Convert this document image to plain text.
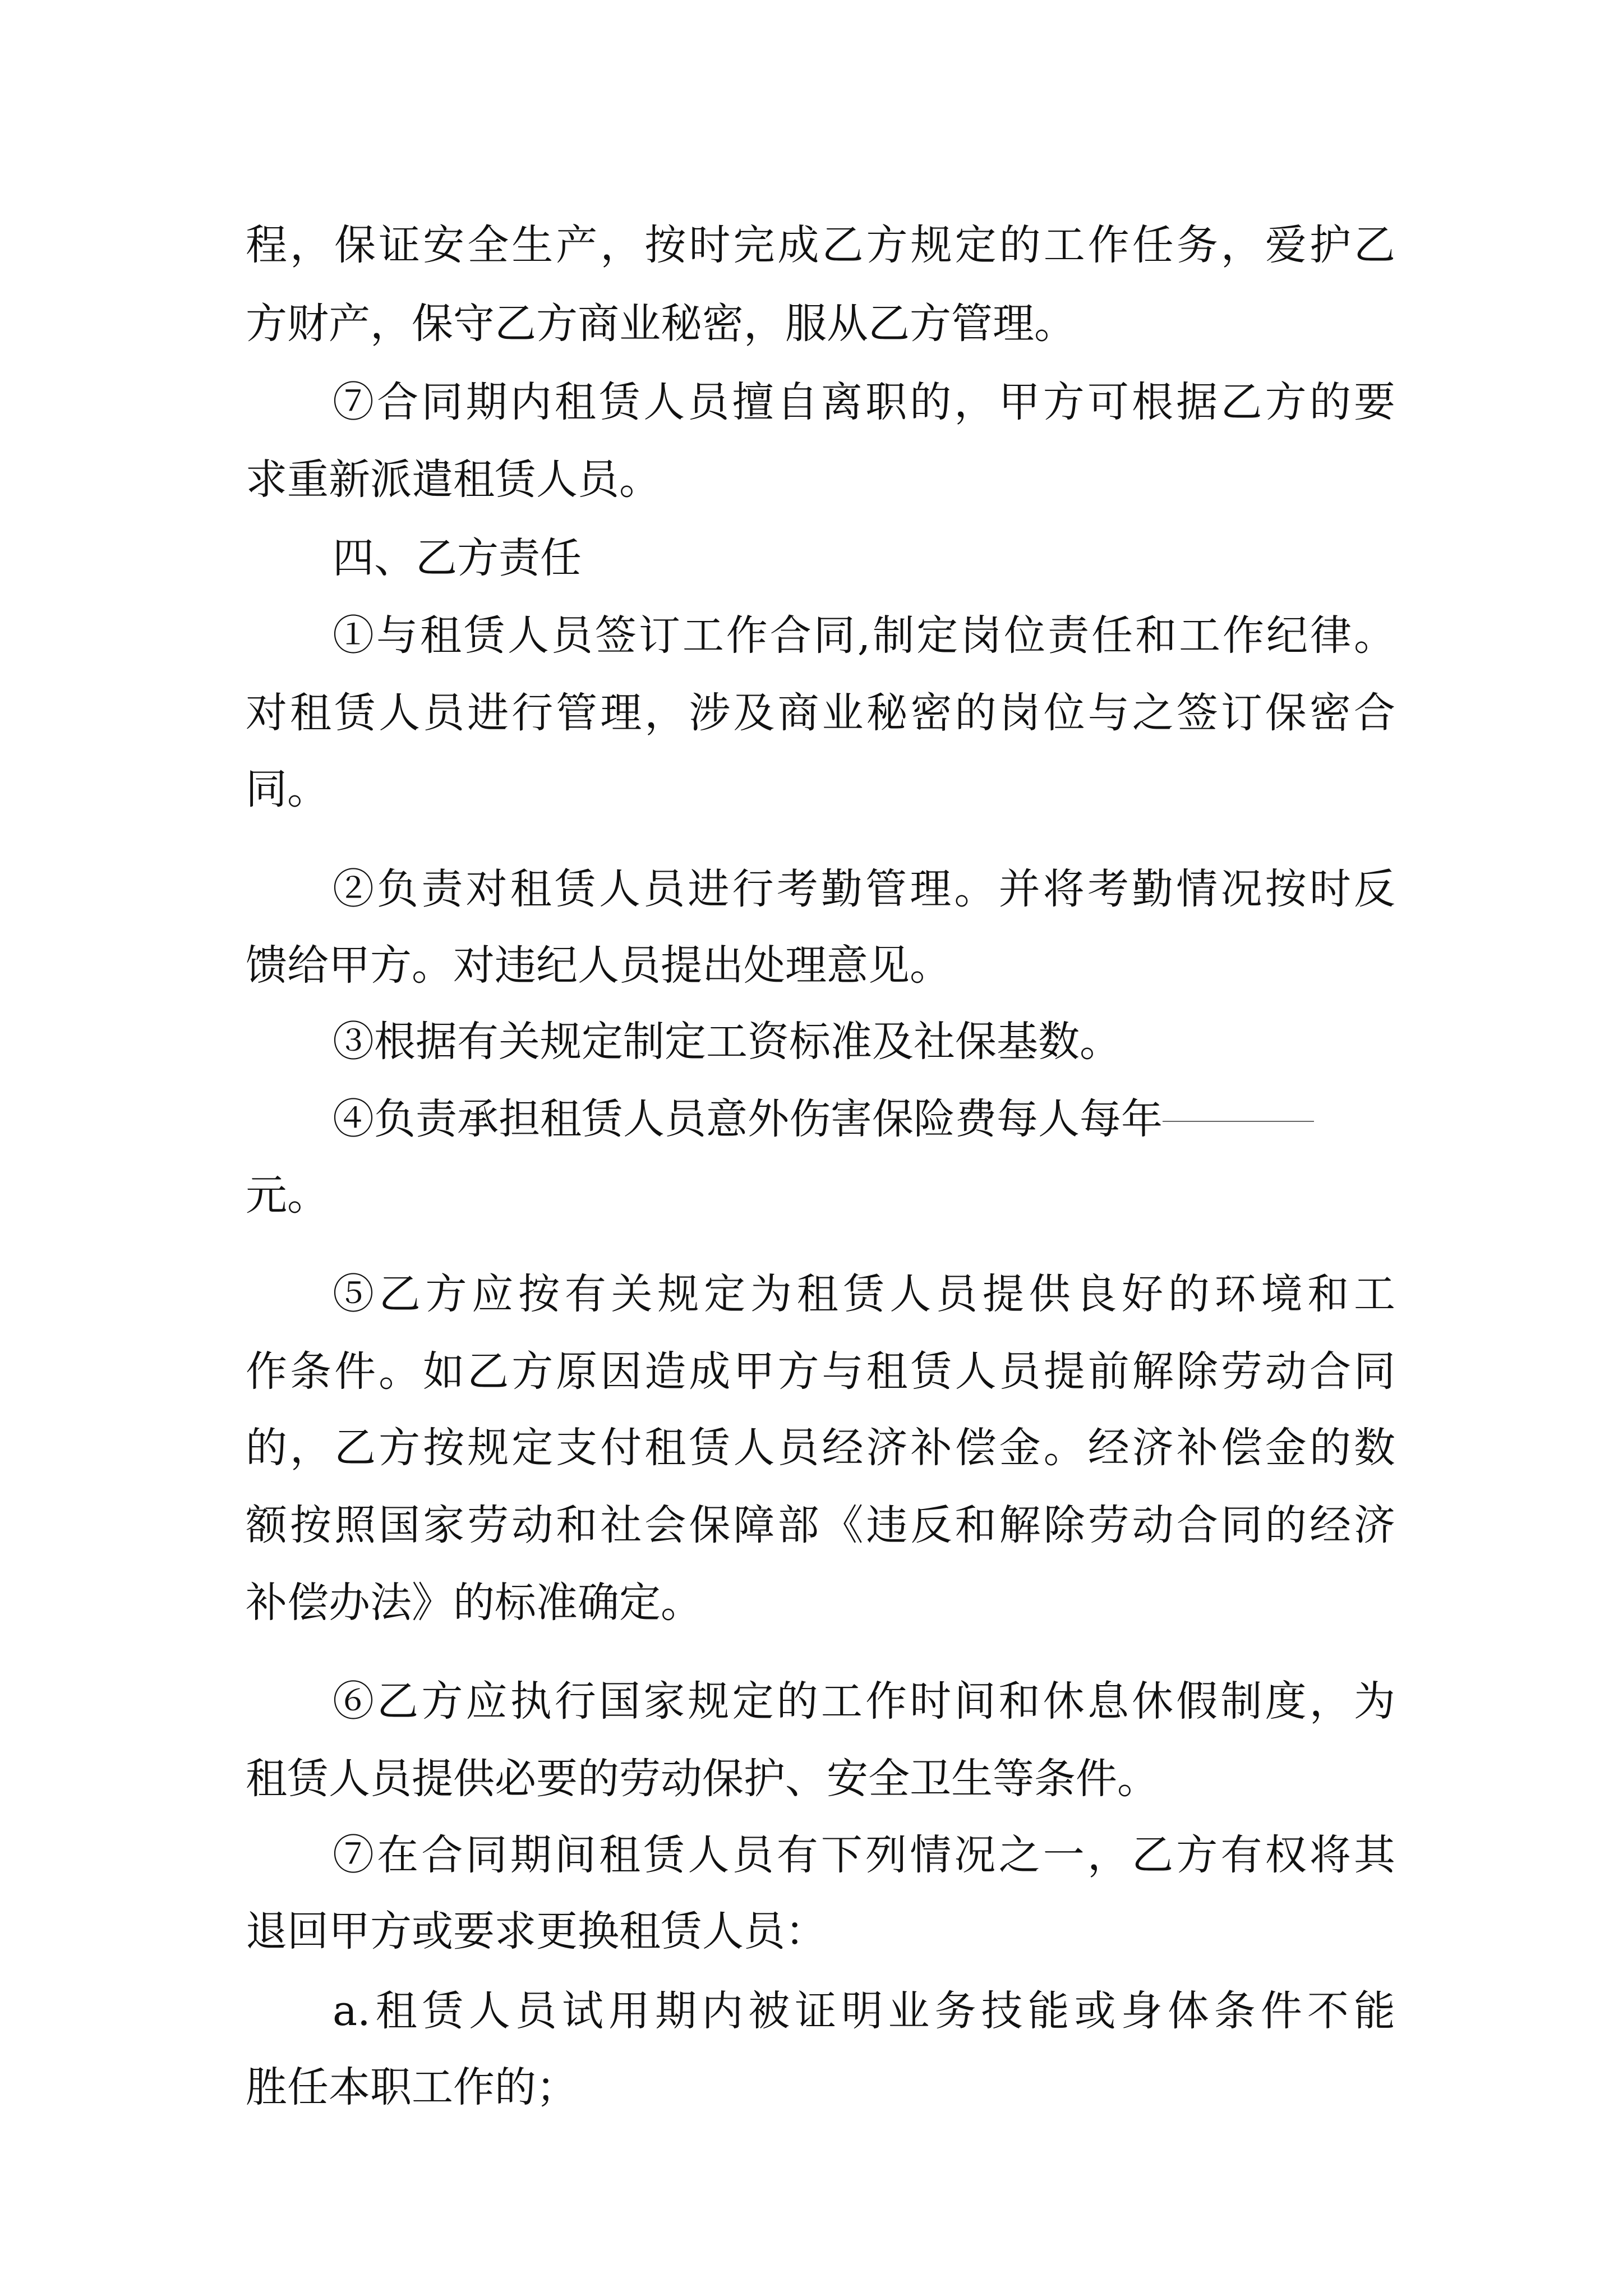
程，保证安全生产，按时完成乙方规定的工作任务，爱护乙

方财产，保守乙方商业秘密，服从乙方管理。

⑦合同期内租赁人员擅自离职的，甲方可根据乙方的要

求重新派遣租赁人员。

四、乙方责任

①与租赁人员签订工作合同,制定岗位责任和工作纪律。

对租赁人员进行管理，涉及商业秘密的岗位与之签订保密合

同。

②负责对租赁人员进行考勤管理。并将考勤情况按时反

馈给甲方。对违纪人员提出处理意见。

③根据有关规定制定工资标准及社保基数。

④负责承担租赁人员意外伤害保险费每人每年

元。

⑤乙方应按有关规定为租赁人员提供良好的环境和工

作条件。如乙方原因造成甲方与租赁人员提前解除劳动合同

的，乙方按规定支付租赁人员经济补偿金。经济补偿金的数

额按照国家劳动和社会保障部《违反和解除劳动合同的经济

补偿办法》的标准确定。

⑥乙方应执行国家规定的工作时间和休息休假制度，为

租赁人员提供必要的劳动保护、安全卫生等条件。

⑦在合同期间租赁人员有下列情况之一，乙方有权将其

退回甲方或要求更换租赁人员：

a.租赁人员试用期内被证明业务技能或身体条件不能

胜任本职工作的；
